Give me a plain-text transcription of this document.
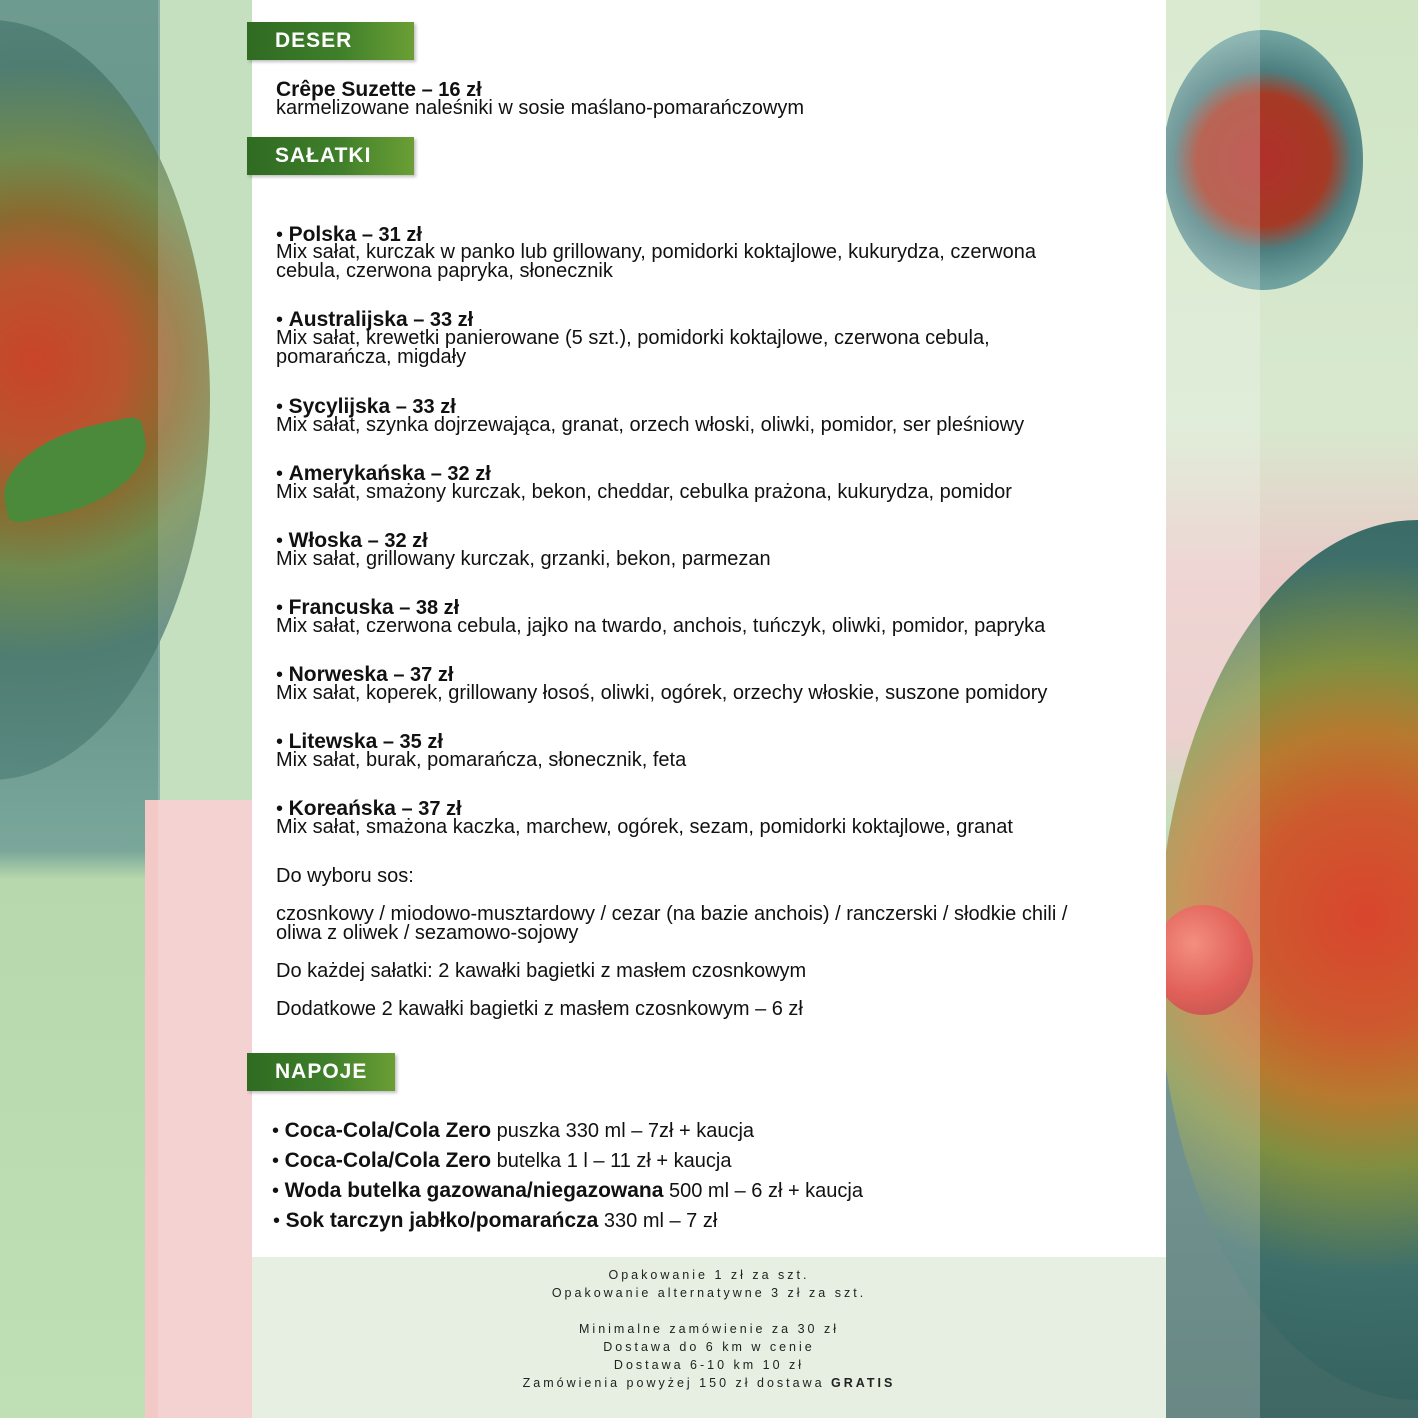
DESER
Crêpe Suzette – 16 zł
karmelizowane naleśniki w sosie maślano-pomarańczowym
SAŁATKI
• Polska – 31 zł
Mix sałat, kurczak w panko lub grillowany, pomidorki koktajlowe, kukurydza, czerwona
cebula, czerwona papryka, słonecznik
• Australijska – 33 zł
Mix sałat, krewetki panierowane (5 szt.), pomidorki koktajlowe, czerwona cebula,
pomarańcza, migdały
• Sycylijska – 33 zł
Mix sałat, szynka dojrzewająca, granat, orzech włoski, oliwki, pomidor, ser pleśniowy
• Amerykańska – 32 zł
Mix sałat, smażony kurczak, bekon, cheddar, cebulka prażona, kukurydza, pomidor
• Włoska – 32 zł
Mix sałat, grillowany kurczak, grzanki, bekon, parmezan
• Francuska – 38 zł
Mix sałat, czerwona cebula, jajko na twardo, anchois, tuńczyk, oliwki, pomidor, papryka
• Norweska – 37 zł
Mix sałat, koperek, grillowany łosoś, oliwki, ogórek, orzechy włoskie, suszone pomidory
• Litewska – 35 zł
Mix sałat, burak, pomarańcza, słonecznik, feta
• Koreańska – 37 zł
Mix sałat, smażona kaczka, marchew, ogórek, sezam, pomidorki koktajlowe, granat
Do wyboru sos:
czosnkowy / miodowo-musztardowy / cezar (na bazie anchois) / ranczerski / słodkie chili /
oliwa z oliwek / sezamowo-sojowy
Do każdej sałatki: 2 kawałki bagietki z masłem czosnkowym
Dodatkowe 2 kawałki bagietki z masłem czosnkowym – 6 zł
NAPOJE
• Coca-Cola/Cola Zero puszka 330 ml – 7zł + kaucja
• Coca-Cola/Cola Zero butelka 1 l – 11 zł + kaucja
• Woda butelka gazowana/niegazowana 500 ml – 6 zł + kaucja
• Sok tarczyn jabłko/pomarańcza 330 ml – 7 zł
Opakowanie 1 zł za szt.
Opakowanie alternatywne 3 zł za szt.
Minimalne zamówienie za 30 zł
Dostawa do 6 km w cenie
Dostawa 6-10 km 10 zł
Zamówienia powyżej 150 zł dostawa GRATIS
